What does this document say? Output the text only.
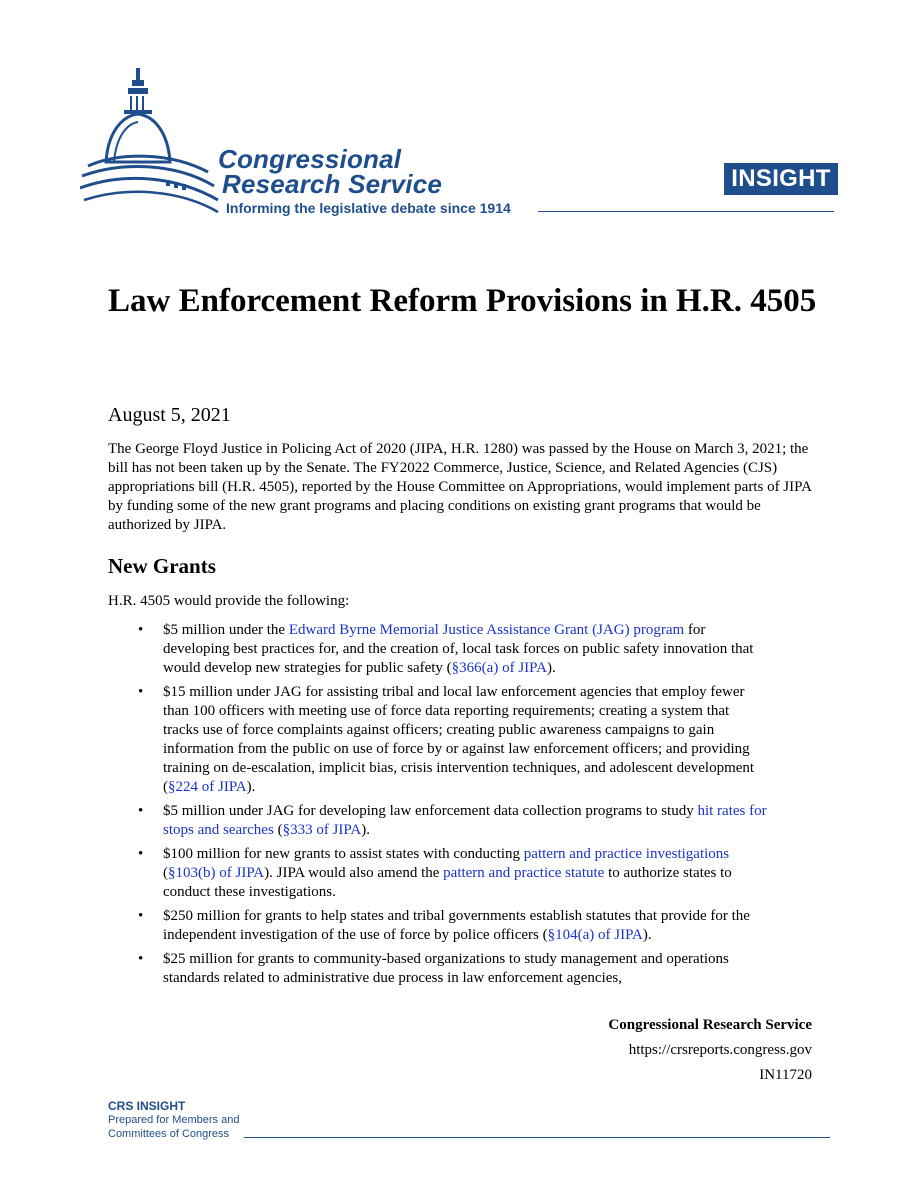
Congressional
Research Service
Informing the legislative debate since 1914
INSIGHT
Law Enforcement Reform Provisions in H.R. 4505
August 5, 2021

The George Floyd Justice in Policing Act of 2020 (JIPA, H.R. 1280) was passed by the House on March 3, 2021; the bill has not been taken up by the Senate. The FY2022 Commerce, Justice, Science, and Related Agencies (CJS) appropriations bill (H.R. 4505), reported by the House Committee on Appropriations, would implement parts of JIPA by funding some of the new grant programs and placing conditions on existing grant programs that would be authorized by JIPA.

New Grants

H.R. 4505 would provide the following:

• $5 million under the Edward Byrne Memorial Justice Assistance Grant (JAG) program for developing best practices for, and the creation of, local task forces on public safety innovation that would develop new strategies for public safety (§366(a) of JIPA).
• $15 million under JAG for assisting tribal and local law enforcement agencies that employ fewer than 100 officers with meeting use of force data reporting requirements; creating a system that tracks use of force complaints against officers; creating public awareness campaigns to gain information from the public on use of force by or against law enforcement officers; and providing training on de-escalation, implicit bias, crisis intervention techniques, and adolescent development (§224 of JIPA).
• $5 million under JAG for developing law enforcement data collection programs to study hit rates for stops and searches (§333 of JIPA).
• $100 million for new grants to assist states with conducting pattern and practice investigations (§103(b) of JIPA). JIPA would also amend the pattern and practice statute to authorize states to conduct these investigations.
• $250 million for grants to help states and tribal governments establish statutes that provide for the independent investigation of the use of force by police officers (§104(a) of JIPA).
• $25 million for grants to community-based organizations to study management and operations standards related to administrative due process in law enforcement agencies,
Congressional Research Service
https://crsreports.congress.gov
IN11720
CRS INSIGHT
Prepared for Members and
Committees of Congress
